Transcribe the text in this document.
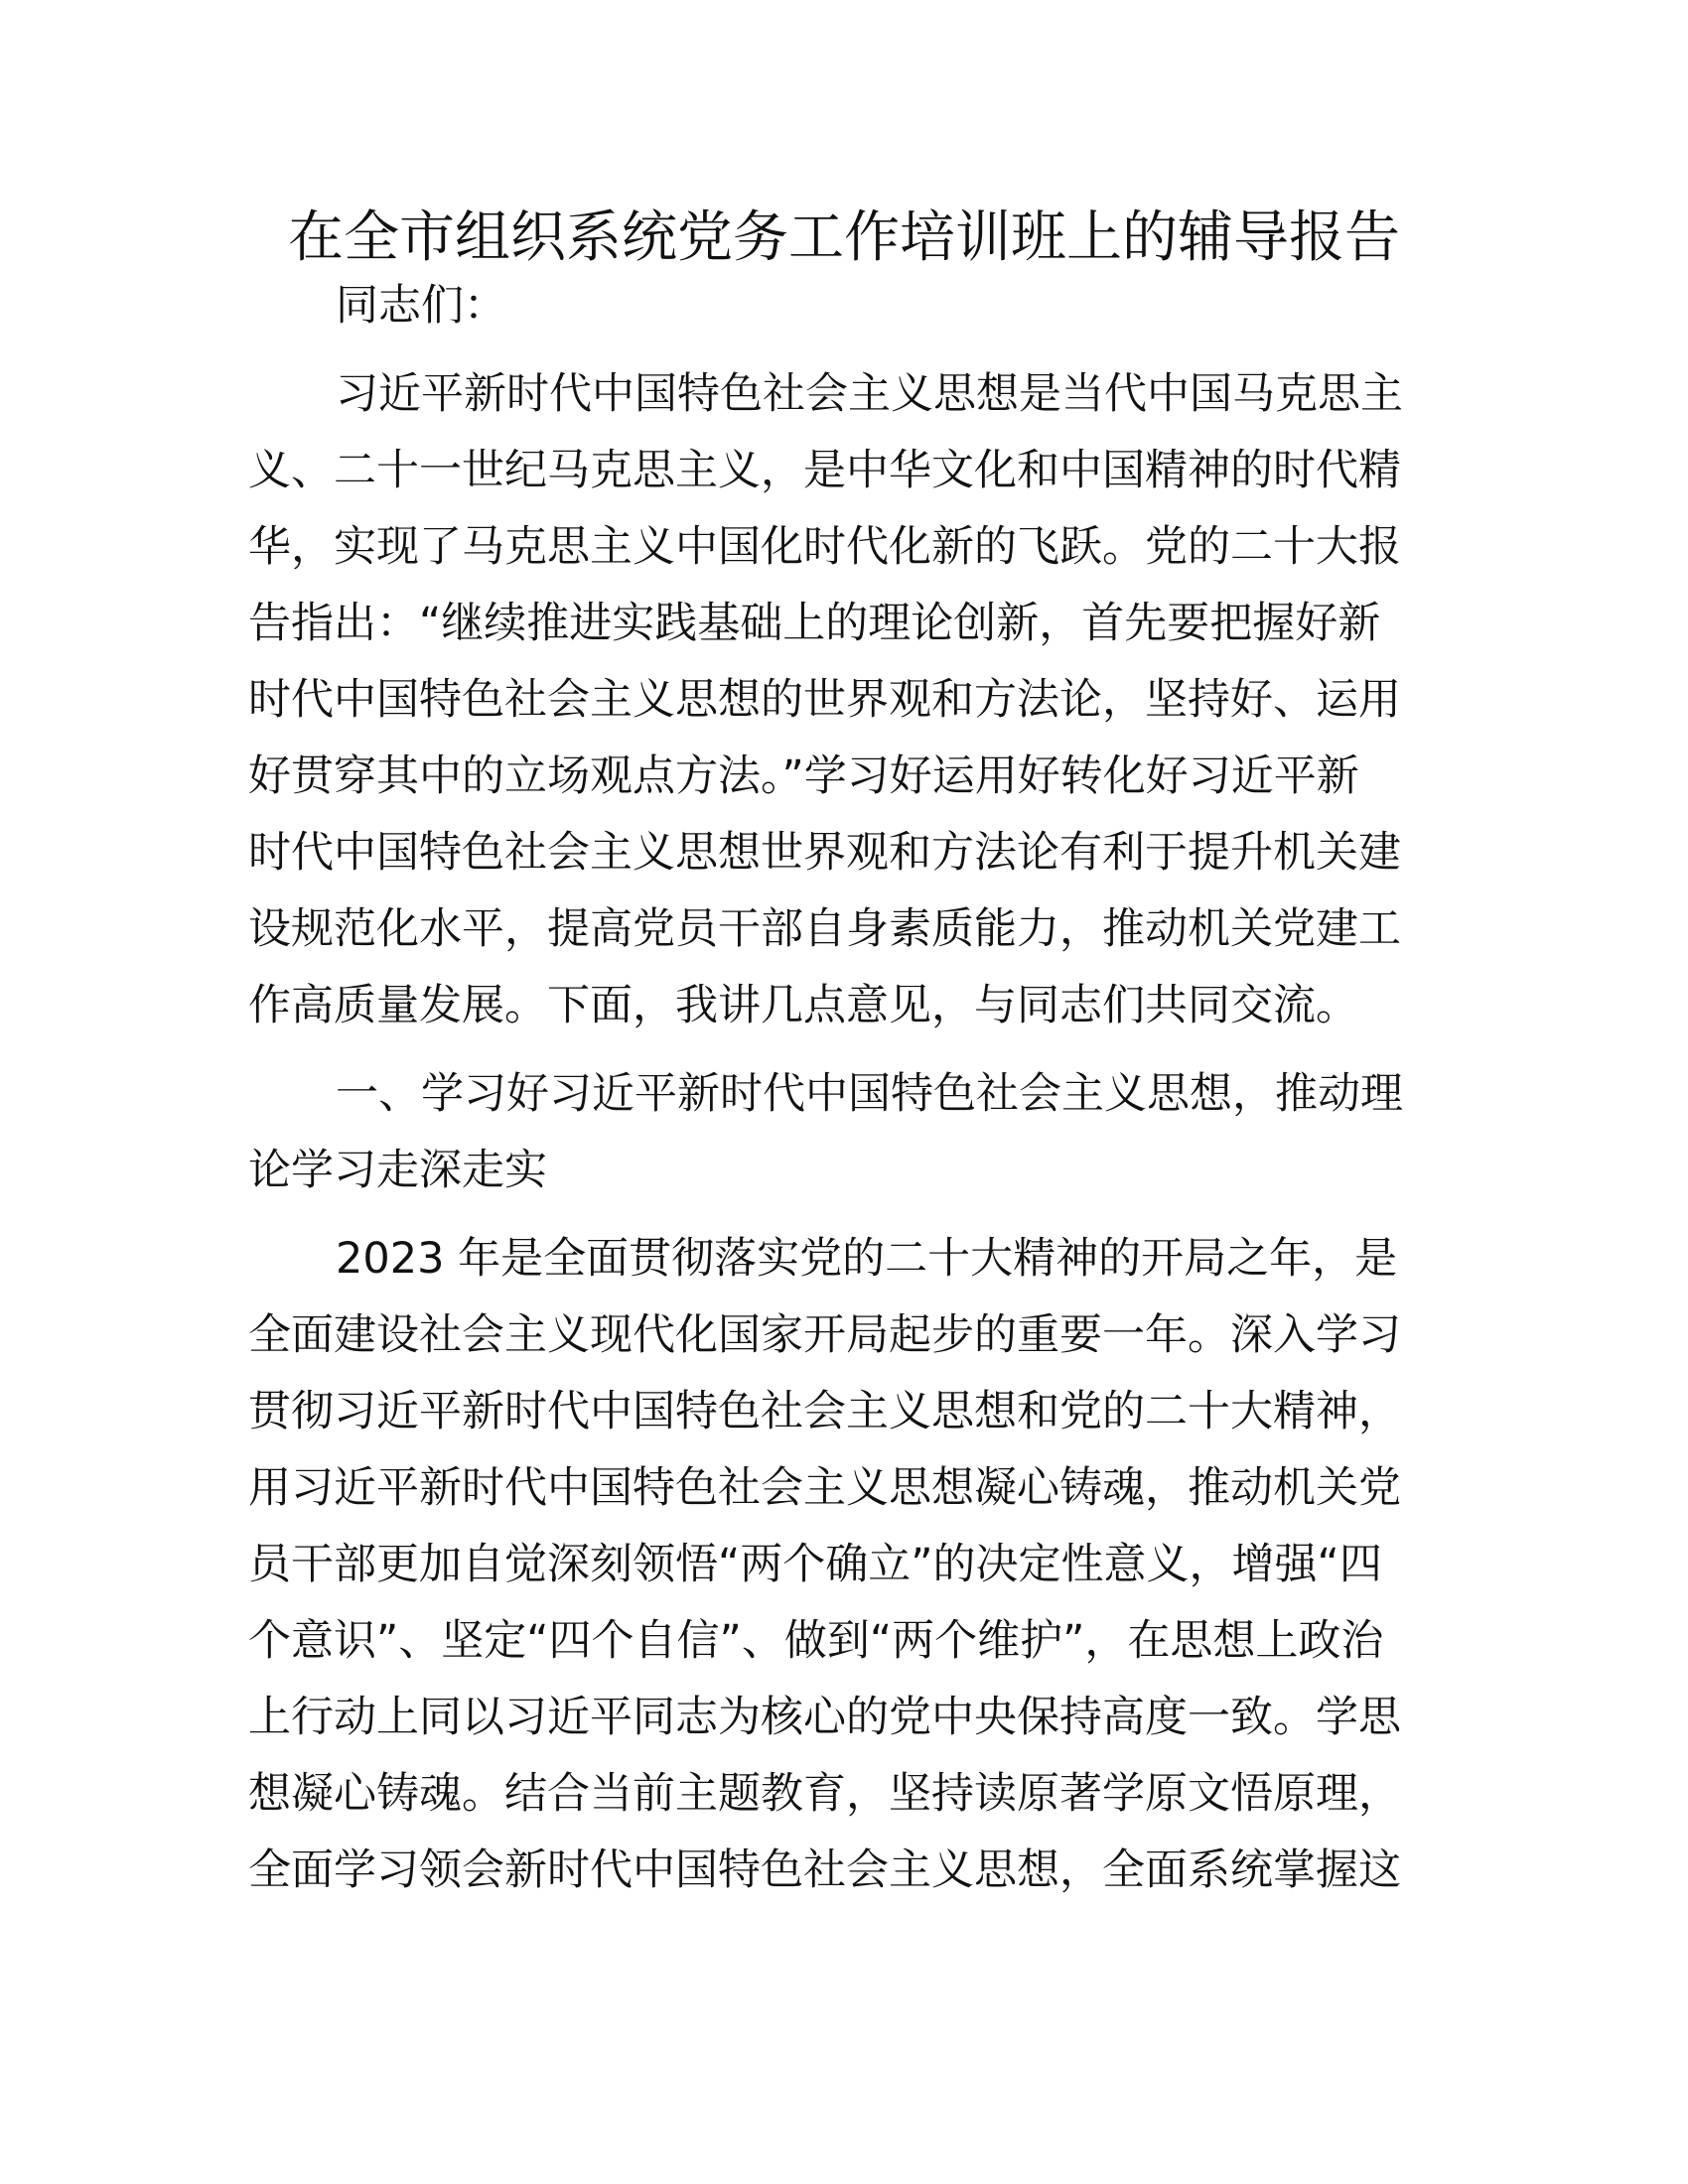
在全市组织系统党务工作培训班上的辅导报告
同志们：
习近平新时代中国特色社会主义思想是当代中国马克思主
义、二十一世纪马克思主义，是中华文化和中国精神的时代精
华，实现了马克思主义中国化时代化新的飞跃。党的二十大报
告指出：“继续推进实践基础上的理论创新，首先要把握好新
时代中国特色社会主义思想的世界观和方法论，坚持好、运用
好贯穿其中的立场观点方法。”学习好运用好转化好习近平新
时代中国特色社会主义思想世界观和方法论有利于提升机关建
设规范化水平，提高党员干部自身素质能力，推动机关党建工
作高质量发展。下面，我讲几点意见，与同志们共同交流。
一、学习好习近平新时代中国特色社会主义思想，推动理
论学习走深走实
2023 年是全面贯彻落实党的二十大精神的开局之年，是
全面建设社会主义现代化国家开局起步的重要一年。深入学习
贯彻习近平新时代中国特色社会主义思想和党的二十大精神，
用习近平新时代中国特色社会主义思想凝心铸魂，推动机关党
员干部更加自觉深刻领悟“两个确立”的决定性意义，增强“四
个意识”、坚定“四个自信”、做到“两个维护”，在思想上政治
上行动上同以习近平同志为核心的党中央保持高度一致。学思
想凝心铸魂。结合当前主题教育，坚持读原著学原文悟原理，
全面学习领会新时代中国特色社会主义思想，全面系统掌握这
